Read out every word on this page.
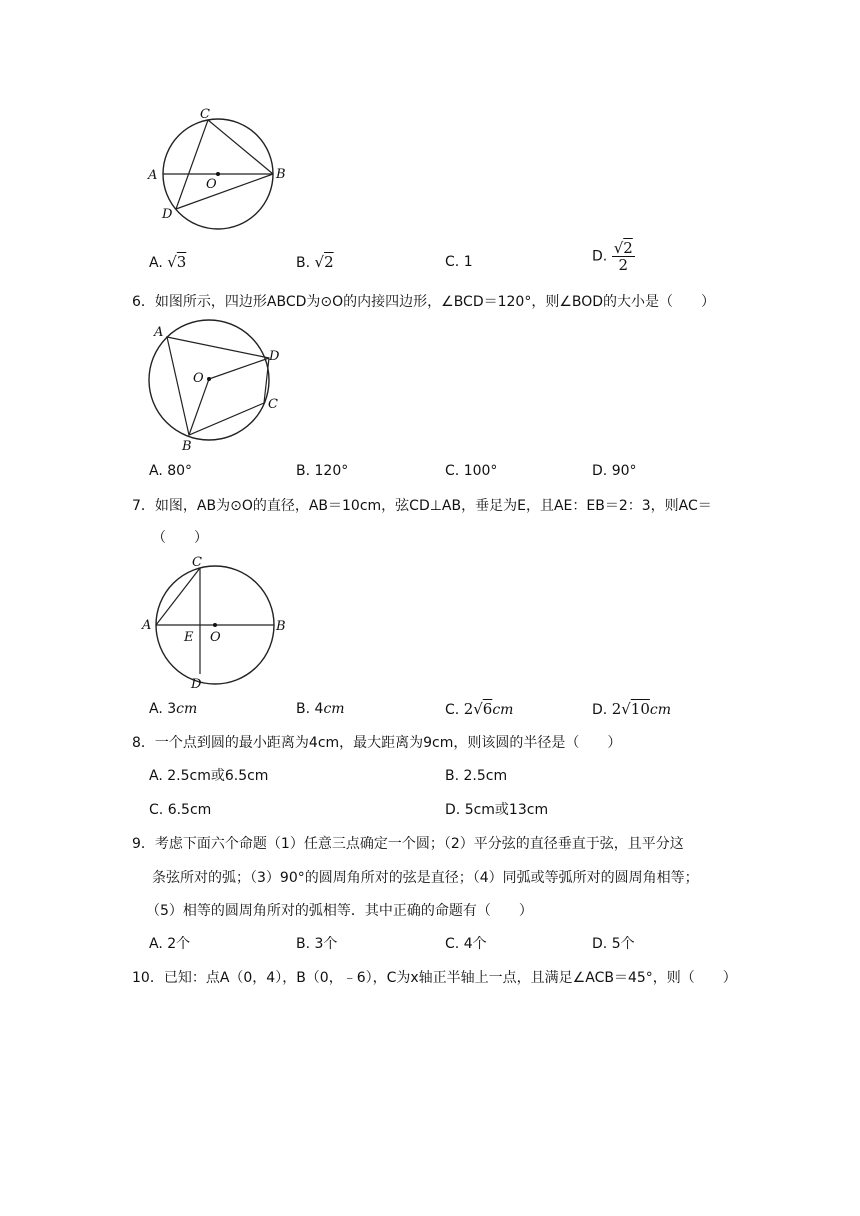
C
A	B
O
D
A. √3	B. √2	C. 1	D. $\frac{√2}{2}$
6．如图所示，四边形ABCD为⊙O的内接四边形，∠BCD＝120°，则∠BOD的大小是（　　）
A
D
O
C
B
A. 80°	B. 120°	C. 100°	D. 90°
7．如图，AB为⊙O的直径，AB＝10cm，弦CD⊥AB，垂足为E，且AE：EB＝2：3，则AC＝
（　　）
C
A
E O
B
D
A. 3cm	B. 4cm	C. 2√6cm	D. 2√10cm
8．一个点到圆的最小距离为4cm，最大距离为9cm，则该圆的半径是（　　）
A. 2.5cm或6.5cm	B. 2.5cm
C. 6.5cm	D. 5cm或13cm
9．考虑下面六个命题（1）任意三点确定一个圆；（2）平分弦的直径垂直于弦，且平分这
条弦所对的弧；（3）90°的圆周角所对的弦是直径；（4）同弧或等弧所对的圆周角相等；
（5）相等的圆周角所对的弧相等．其中正确的命题有（　　）
A. 2个	B. 3个	C. 4个	D. 5个
10．已知：点A（0，4），B（0，﹣6），C为x轴正半轴上一点，且满足∠ACB＝45°，则（　　）
